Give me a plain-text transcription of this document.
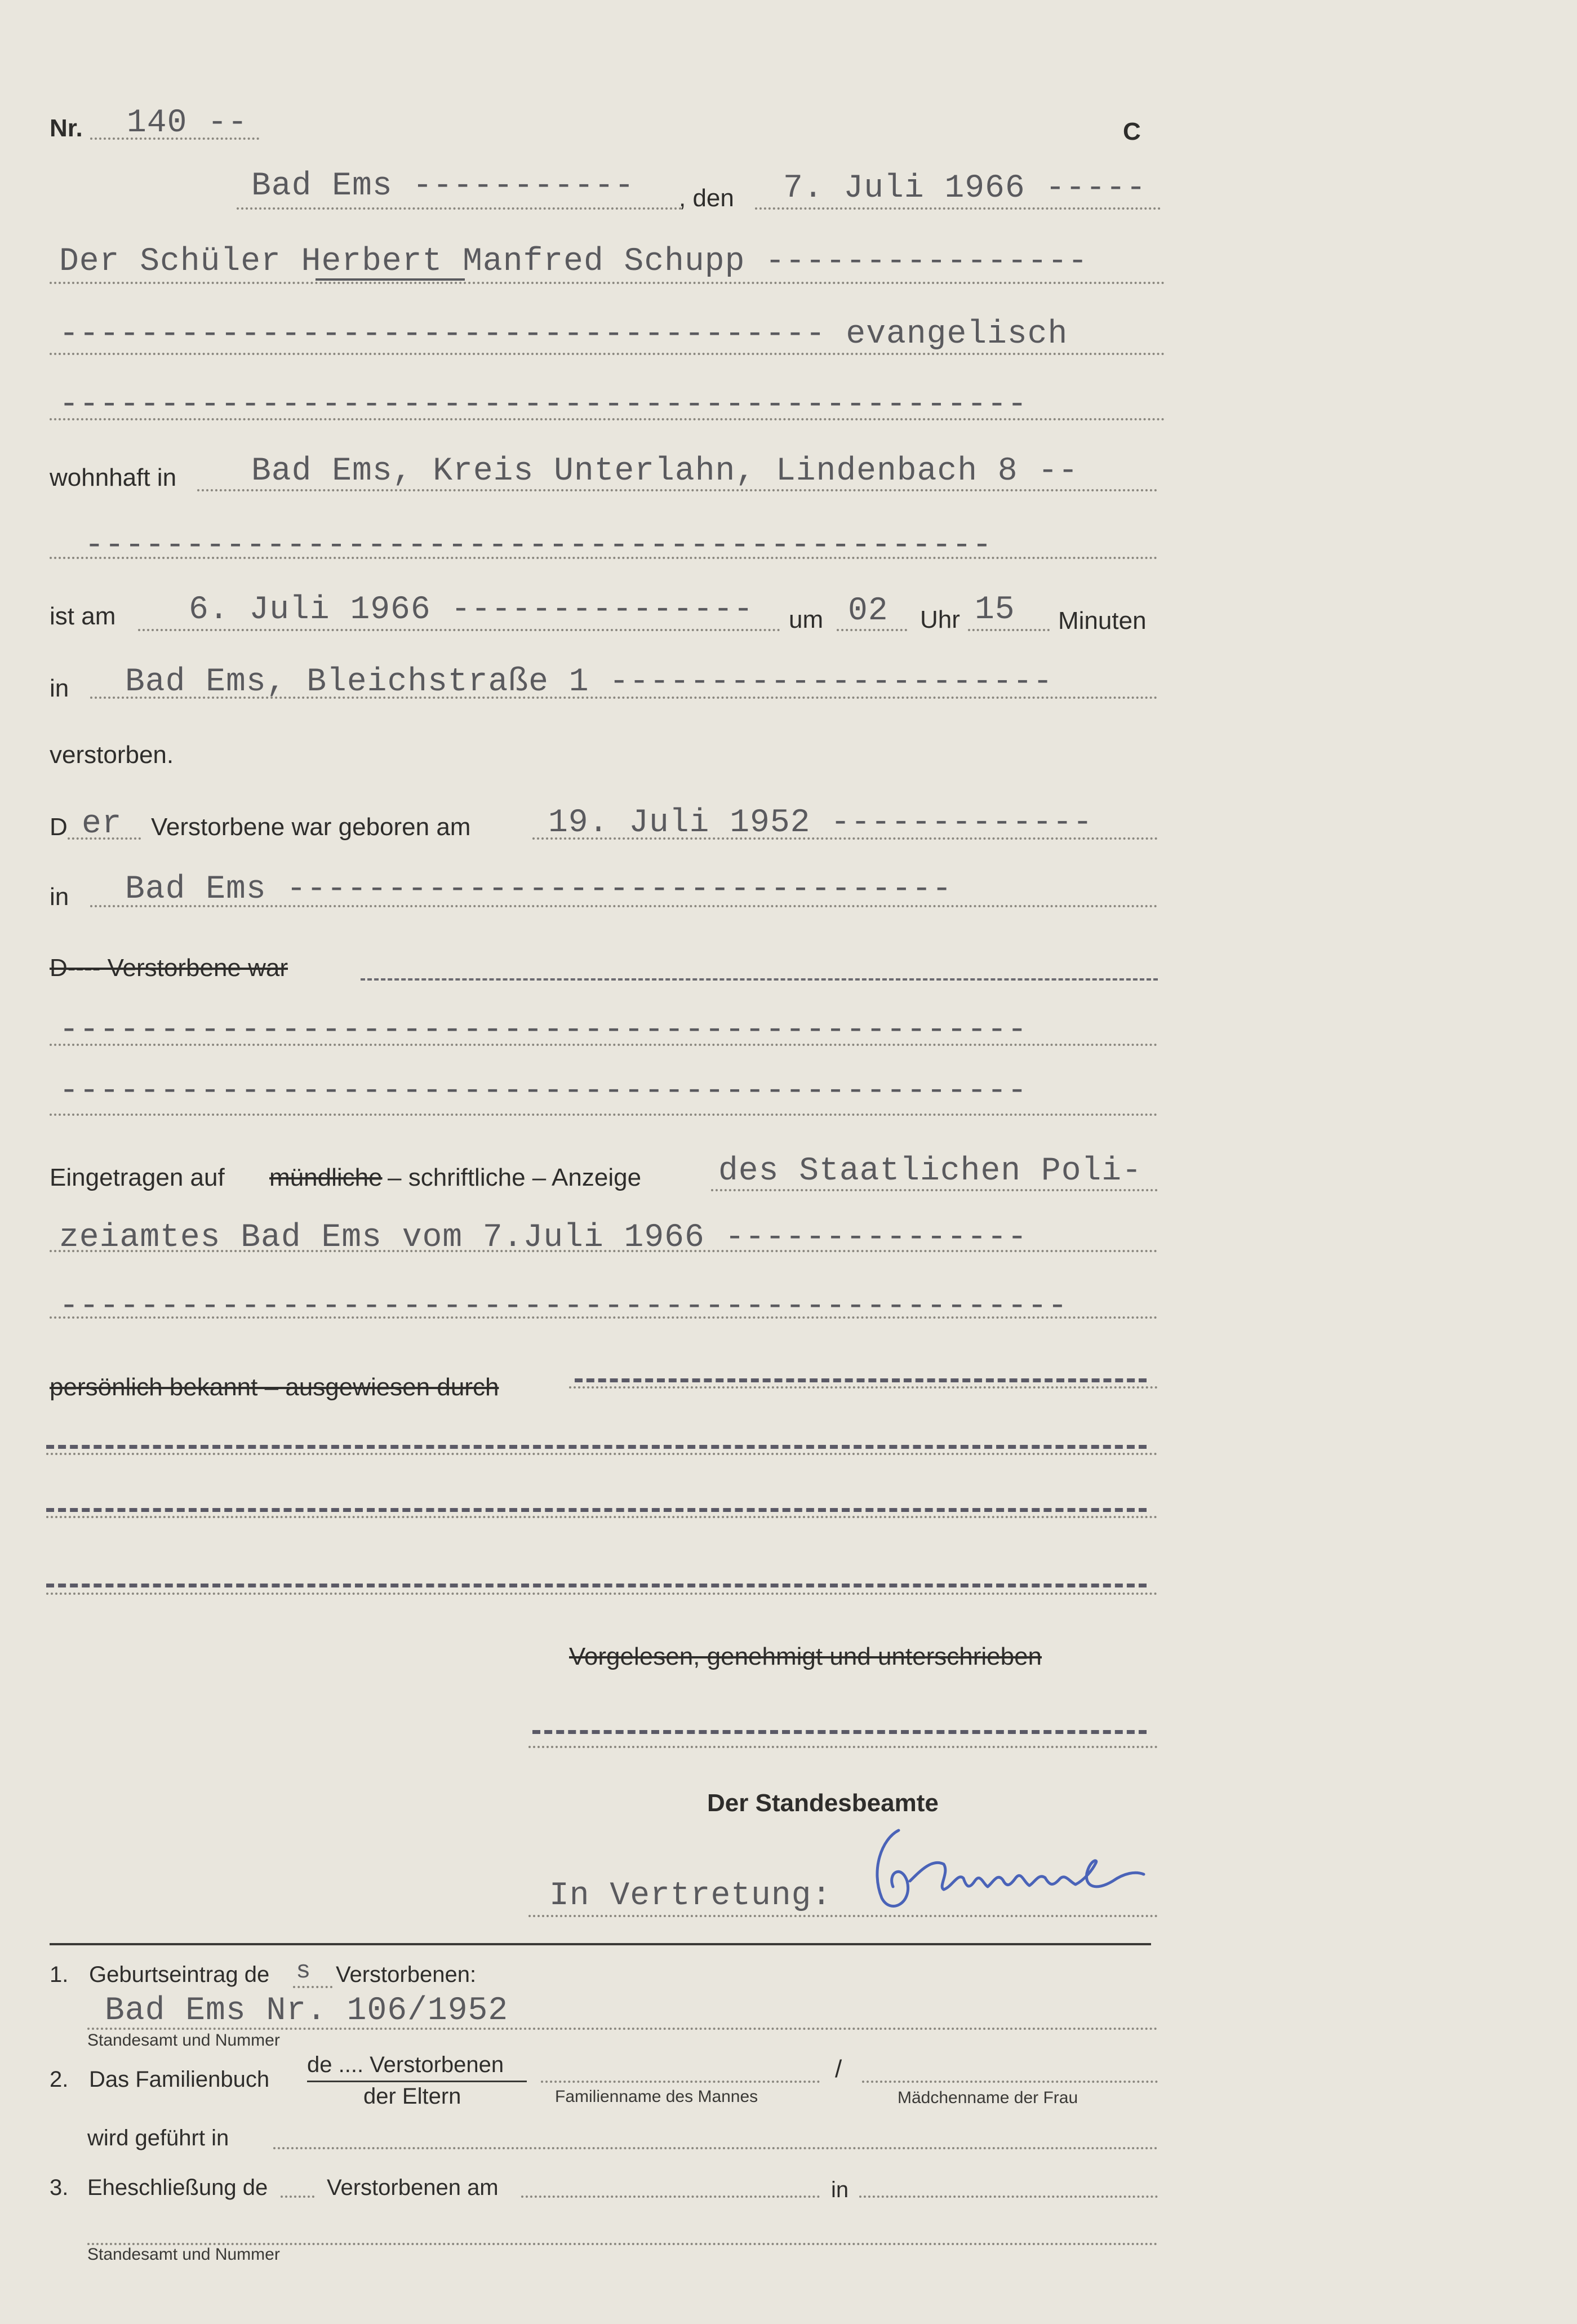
Nr. 140 --	C
Bad Ems ----------- , den 7. Juli 1966 -----
Der Schüler Herbert Manfred Schupp ----------------
-------------------------------------- evangelisch
------------------------------------------------
wohnhaft in Bad Ems, Kreis Unterlahn, Lindenbach 8 --
---------------------------------------------
ist am 6. Juli 1966 --------------- um 02 Uhr 15 Minuten
in Bad Ems, Bleichstraße 1 ----------------------
verstorben.
D er Verstorbene war geboren am 19. Juli 1952 -------------
in Bad Ems ---------------------------------
D---- Verstorbene war
------------------------------------------------
------------------------------------------------
Eingetragen auf mündliche – schriftliche – Anzeige des Staatlichen Poli-
zeiamtes Bad Ems vom 7.Juli 1966 ---------------
--------------------------------------------------
persönlich bekannt – ausgewiesen durch
Vorgelesen, genehmigt und unterschrieben
Der Standesbeamte
In Vertretung:
1. Geburtseintrag de s Verstorbenen:
Bad Ems Nr. 106/1952
Standesamt und Nummer
2. Das Familienbuch
de .... Verstorbenen
der Eltern
/
Familienname des Mannes	Mädchenname der Frau
wird geführt in
3. Eheschließung de	Verstorbenen am	in
Standesamt und Nummer
